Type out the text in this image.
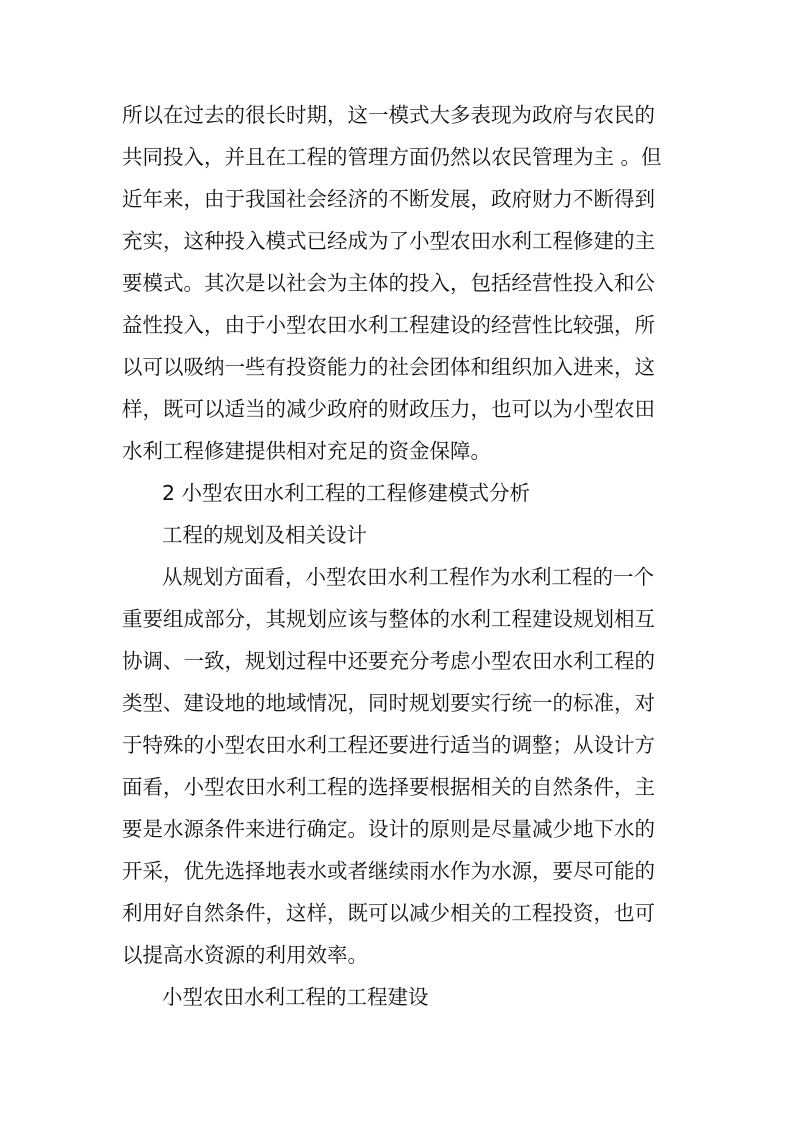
所以在过去的很长时期，这一模式大多表现为政府与农民的
共同投入，并且在工程的管理方面仍然以农民管理为主 。但
近年来，由于我国社会经济的不断发展，政府财力不断得到
充实，这种投入模式已经成为了小型农田水利工程修建的主
要模式。其次是以社会为主体的投入，包括经营性投入和公
益性投入，由于小型农田水利工程建设的经营性比较强，所
以可以吸纳一些有投资能力的社会团体和组织加入进来，这
样，既可以适当的减少政府的财政压力，也可以为小型农田
水利工程修建提供相对充足的资金保障。
2 小型农田水利工程的工程修建模式分析
工程的规划及相关设计
从规划方面看，小型农田水利工程作为水利工程的一个
重要组成部分，其规划应该与整体的水利工程建设规划相互
协调、一致，规划过程中还要充分考虑小型农田水利工程的
类型、建设地的地域情况，同时规划要实行统一的标准，对
于特殊的小型农田水利工程还要进行适当的调整；从设计方
面看，小型农田水利工程的选择要根据相关的自然条件，主
要是水源条件来进行确定。设计的原则是尽量减少地下水的
开采，优先选择地表水或者继续雨水作为水源，要尽可能的
利用好自然条件，这样，既可以减少相关的工程投资，也可
以提高水资源的利用效率。
小型农田水利工程的工程建设
